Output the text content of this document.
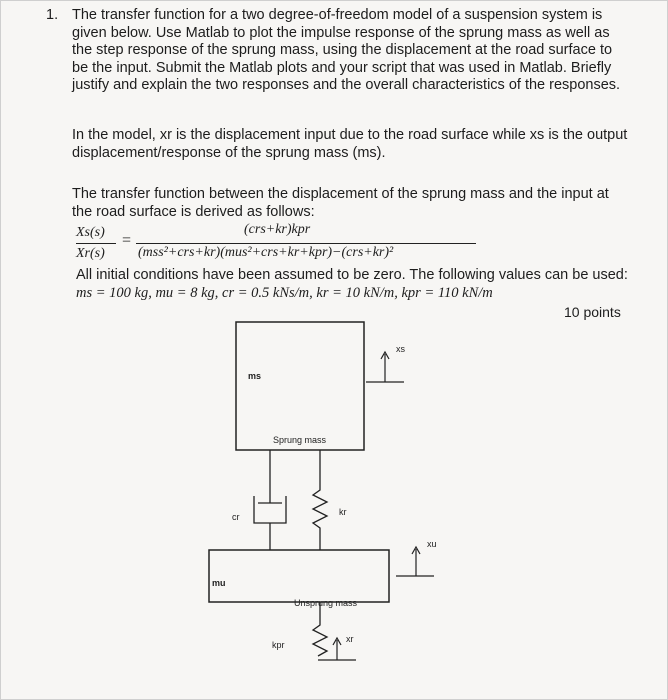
1. The transfer function for a two degree-of-freedom model of a suspension system is given below. Use Matlab to plot the impulse response of the sprung mass as well as the step response of the sprung mass, using the displacement at the road surface to be the input. Submit the Matlab plots and your script that was used in Matlab. Briefly justify and explain the two responses and the overall characteristics of the responses.

In the model, xr is the displacement input due to the road surface while xs is the output displacement/response of the sprung mass (ms).

The transfer function between the displacement of the sprung mass and the input at the road surface is derived as follows:

Xs(s)
Xr(s)
=
(crs+kr)kpr
(mss²+crs+kr)(mus²+crs+kr+kpr)−(crs+kr)²
All initial conditions have been assumed to be zero. The following values can be used:
ms = 100 kg, mu = 8 kg, cr = 0.5 kNs/m, kr = 10 kN/m, kpr = 110 kN/m
10 points
ms
Sprung mass
cr	kr
mu
Unsprung mass
kpr
xs
xu
xr
